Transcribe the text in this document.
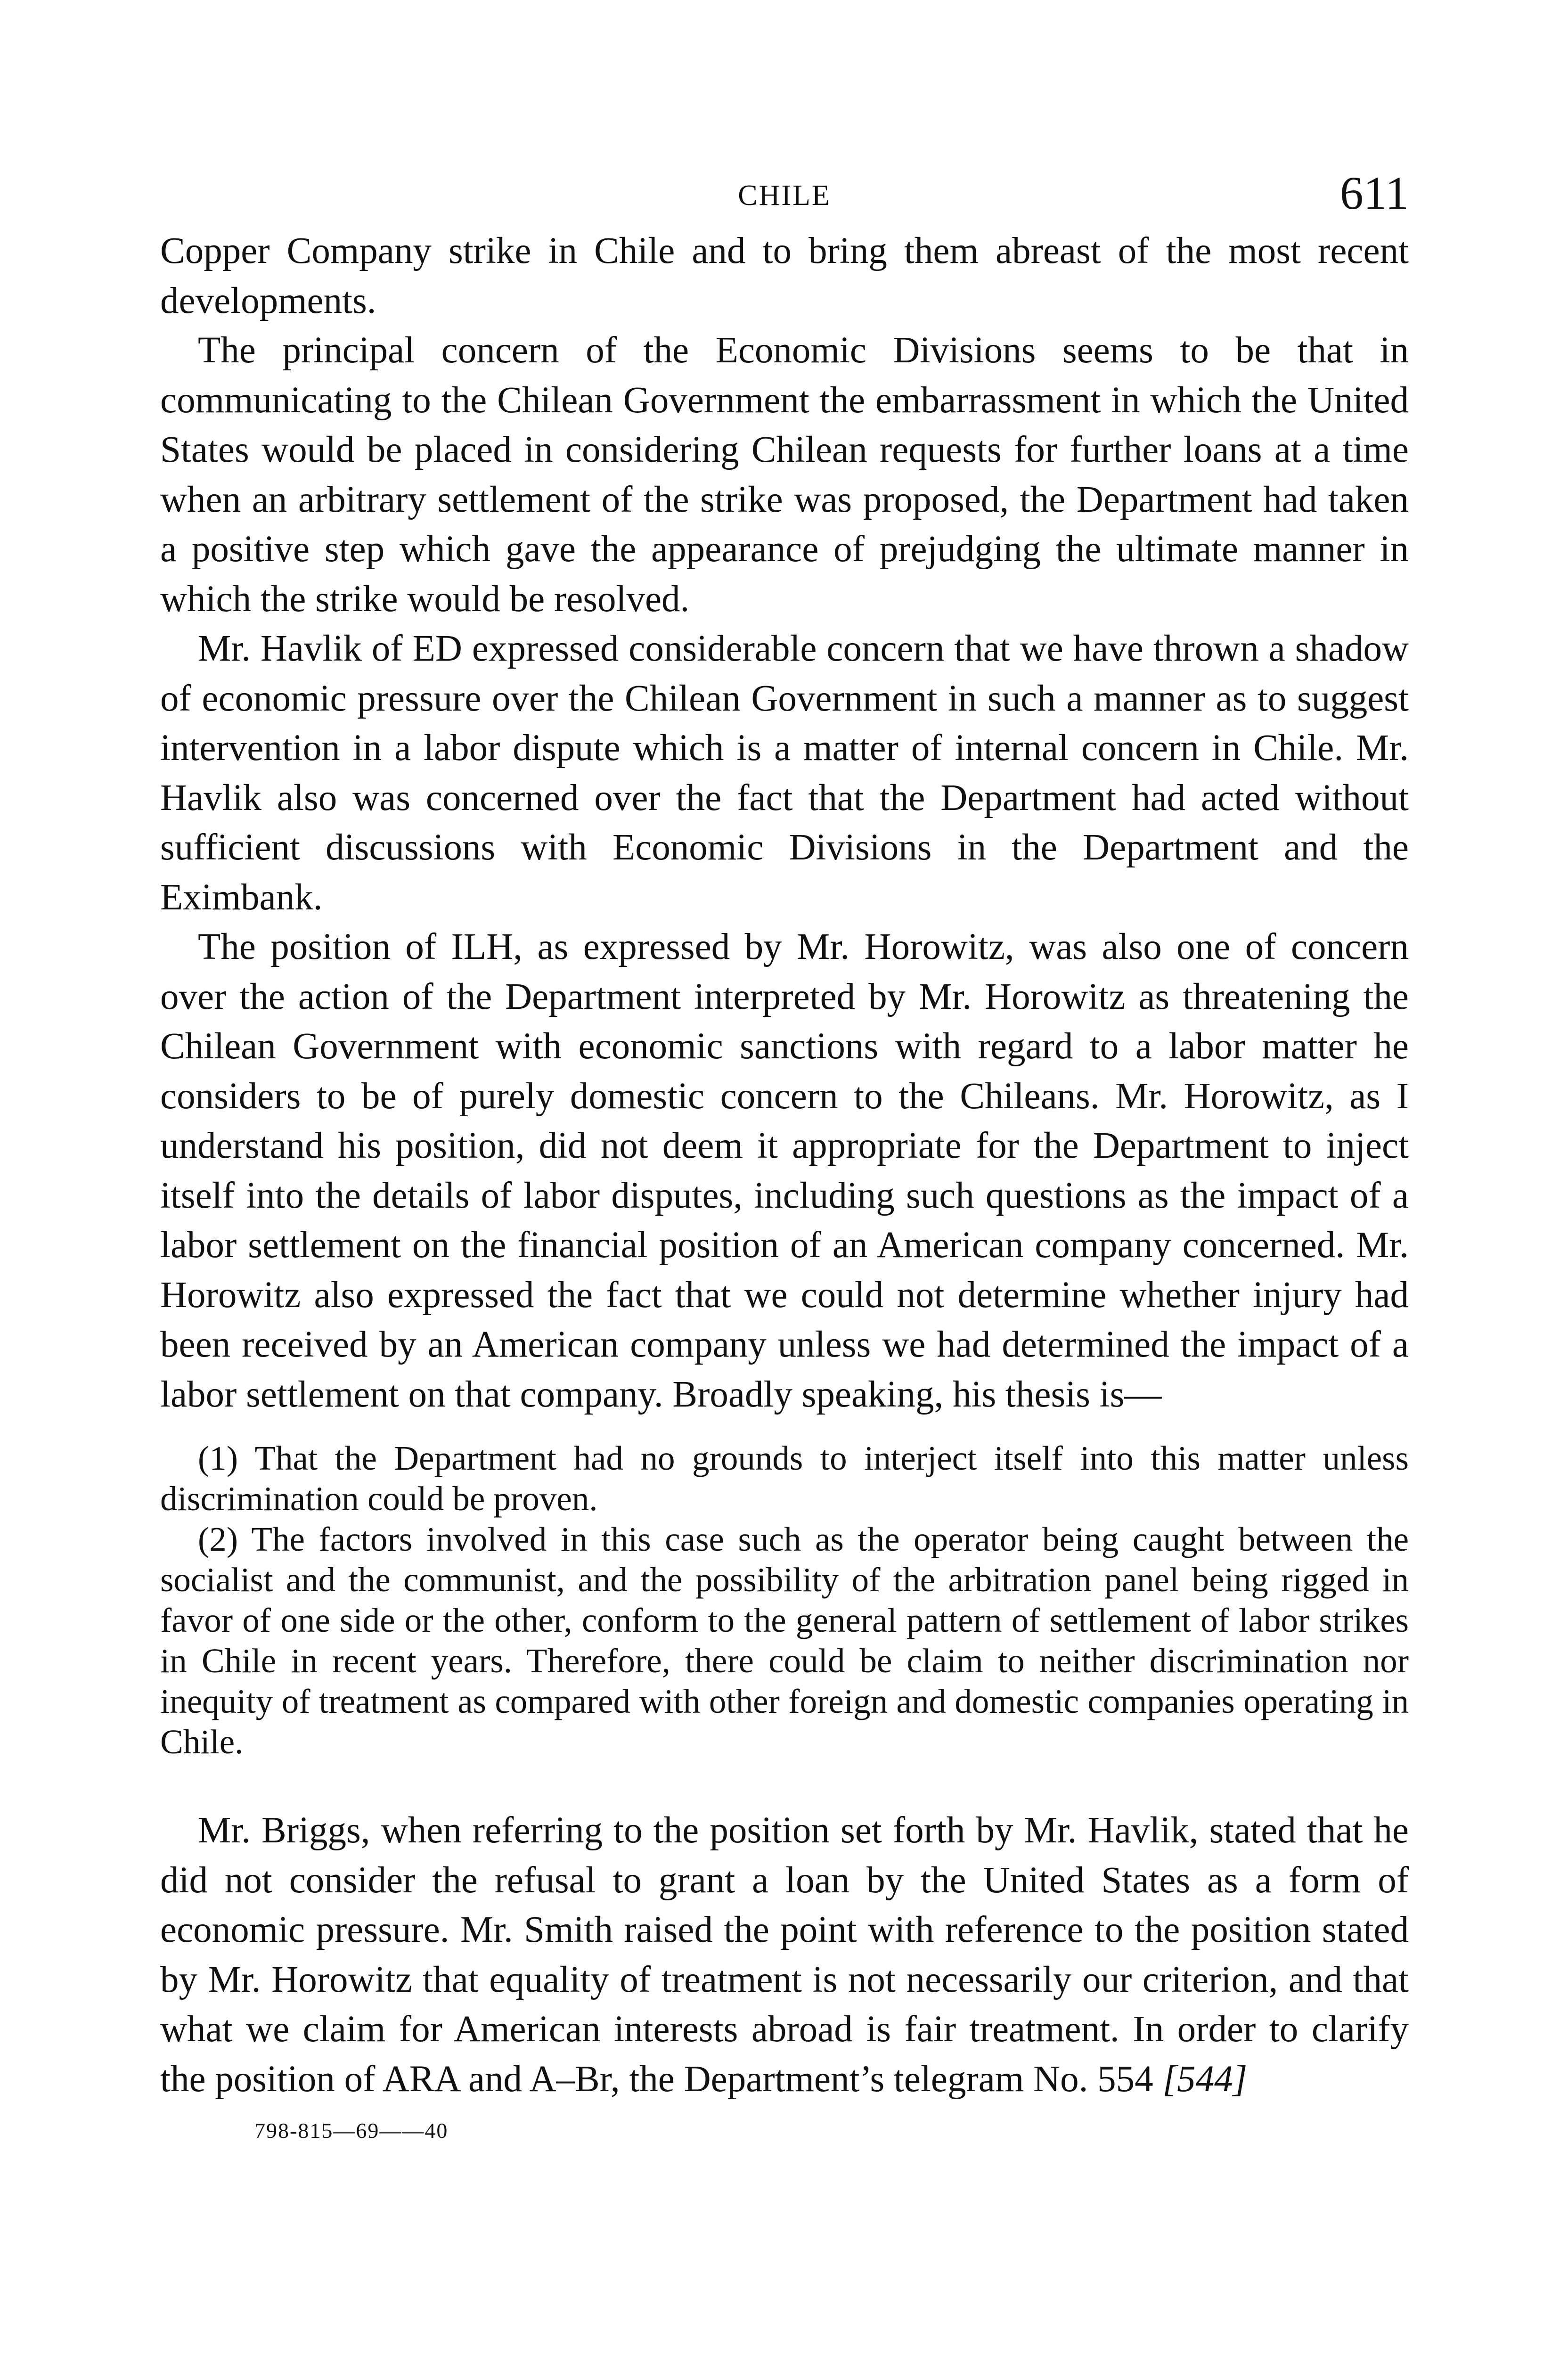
CHILE	611

Copper Company strike in Chile and to bring them abreast of the most recent developments.

The principal concern of the Economic Divisions seems to be that in communicating to the Chilean Government the embarrassment in which the United States would be placed in considering Chilean requests for further loans at a time when an arbitrary settlement of the strike was proposed, the Department had taken a positive step which gave the appearance of prejudging the ultimate manner in which the strike would be resolved.

Mr. Havlik of ED expressed considerable concern that we have thrown a shadow of economic pressure over the Chilean Government in such a manner as to suggest intervention in a labor dispute which is a matter of internal concern in Chile. Mr. Havlik also was concerned over the fact that the Department had acted without sufficient discussions with Economic Divisions in the Department and the Eximbank.

The position of ILH, as expressed by Mr. Horowitz, was also one of concern over the action of the Department interpreted by Mr. Horowitz as threatening the Chilean Government with economic sanctions with regard to a labor matter he considers to be of purely domestic concern to the Chileans. Mr. Horowitz, as I understand his position, did not deem it appropriate for the Department to inject itself into the details of labor disputes, including such questions as the impact of a labor settlement on the financial position of an American company concerned. Mr. Horowitz also expressed the fact that we could not determine whether injury had been received by an American company unless we had determined the impact of a labor settlement on that company. Broadly speaking, his thesis is—

(1) That the Department had no grounds to interject itself into this matter unless discrimination could be proven.

(2) The factors involved in this case such as the operator being caught between the socialist and the communist, and the possibility of the arbitration panel being rigged in favor of one side or the other, conform to the general pattern of settlement of labor strikes in Chile in recent years. Therefore, there could be claim to neither discrimination nor inequity of treatment as compared with other foreign and domestic companies operating in Chile.

Mr. Briggs, when referring to the position set forth by Mr. Havlik, stated that he did not consider the refusal to grant a loan by the United States as a form of economic pressure. Mr. Smith raised the point with reference to the position stated by Mr. Horowitz that equality of treatment is not necessarily our criterion, and that what we claim for American interests abroad is fair treatment. In order to clarify the position of ARA and A–Br, the Department’s telegram No. 554 [544]

798-815—69——40
